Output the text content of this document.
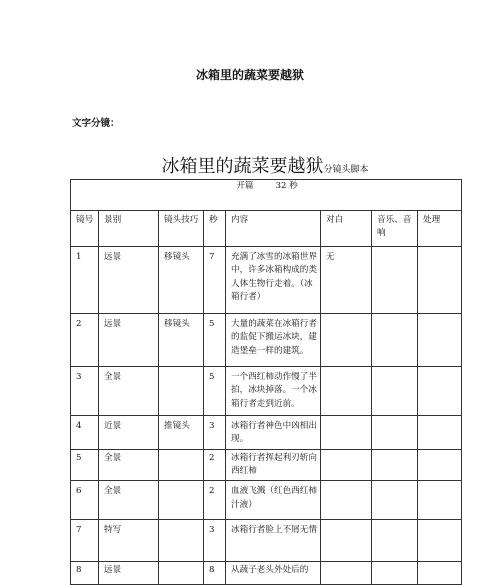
冰箱里的蔬菜要越狱
文字分镜：
冰箱里的蔬菜要越狱分镜头脚本
开篇 32 秒							
镜号	景别	镜头技巧	秒	内容	对白	音乐、音响	处理
1	远景	移镜头	7	充满了冰雪的冰箱世界中，许多冰箱构成的类人体生物行走着。（冰箱行者）	无		
2	远景	移镜头	5	大量的蔬菜在冰箱行者的监促下搬运冰块，建造堡垒一样的建筑。			
3	全景		5	一个西红柿动作慢了半拍，冰块掉落。一个冰箱行者走到近前。			
4	近景	推镜头	3	冰箱行者神色中凶相出现。			
5	全景		2	冰箱行者挥起利刃斩向西红柿			
6	全景		2	血液飞溅（红色西红柿汁液）			
7	特写		3	冰箱行者脸上不屑无情			
8	远景		8	从蔬子老头外处后的			
